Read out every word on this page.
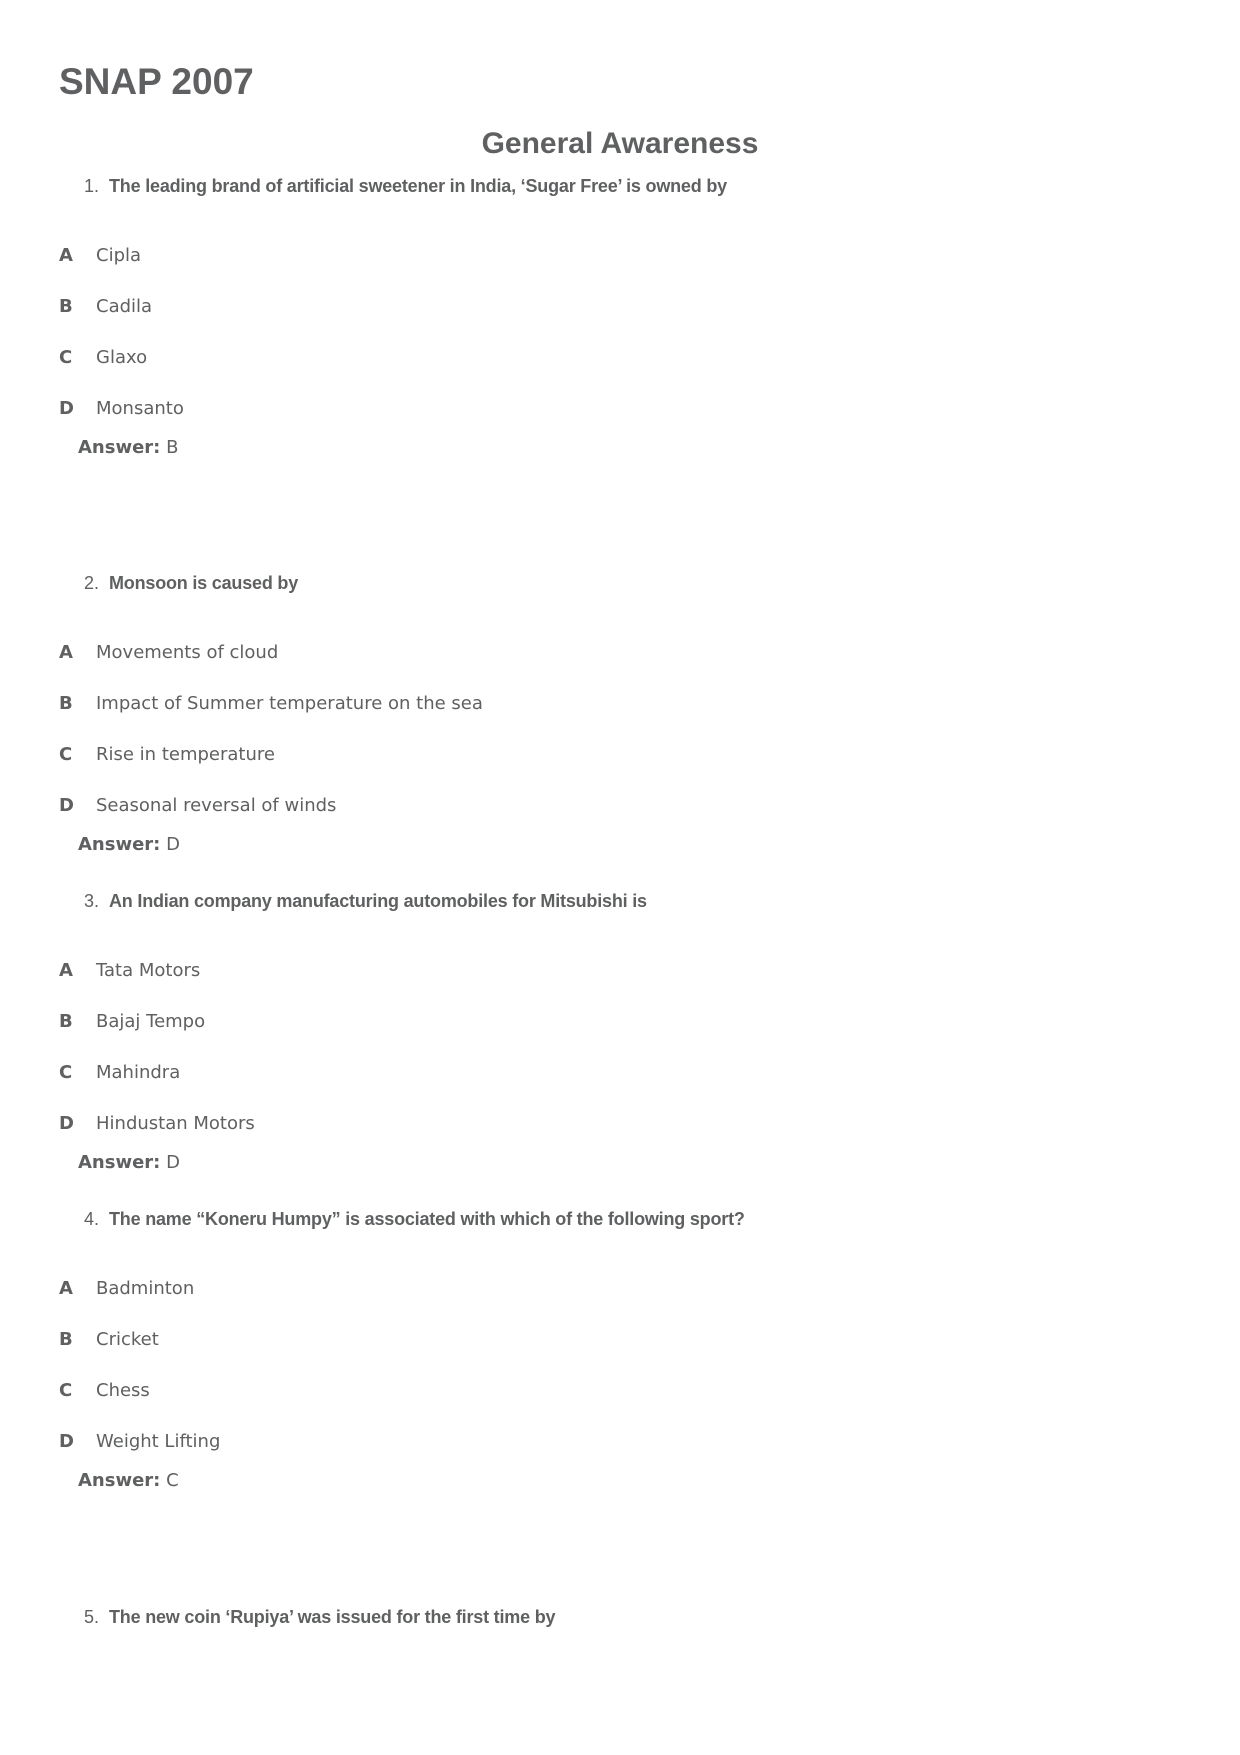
SNAP 2007
General Awareness
1. The leading brand of artificial sweetener in India, ‘Sugar Free’ is owned by
A Cipla
B Cadila
C Glaxo
D Monsanto
Answer: B
2. Monsoon is caused by
A Movements of cloud
B Impact of Summer temperature on the sea
C Rise in temperature
D Seasonal reversal of winds
Answer: D
3. An Indian company manufacturing automobiles for Mitsubishi is
A Tata Motors
B Bajaj Tempo
C Mahindra
D Hindustan Motors
Answer: D
4. The name “Koneru Humpy” is associated with which of the following sport?
A Badminton
B Cricket
C Chess
D Weight Lifting
Answer: C
5. The new coin ‘Rupiya’ was issued for the first time by
